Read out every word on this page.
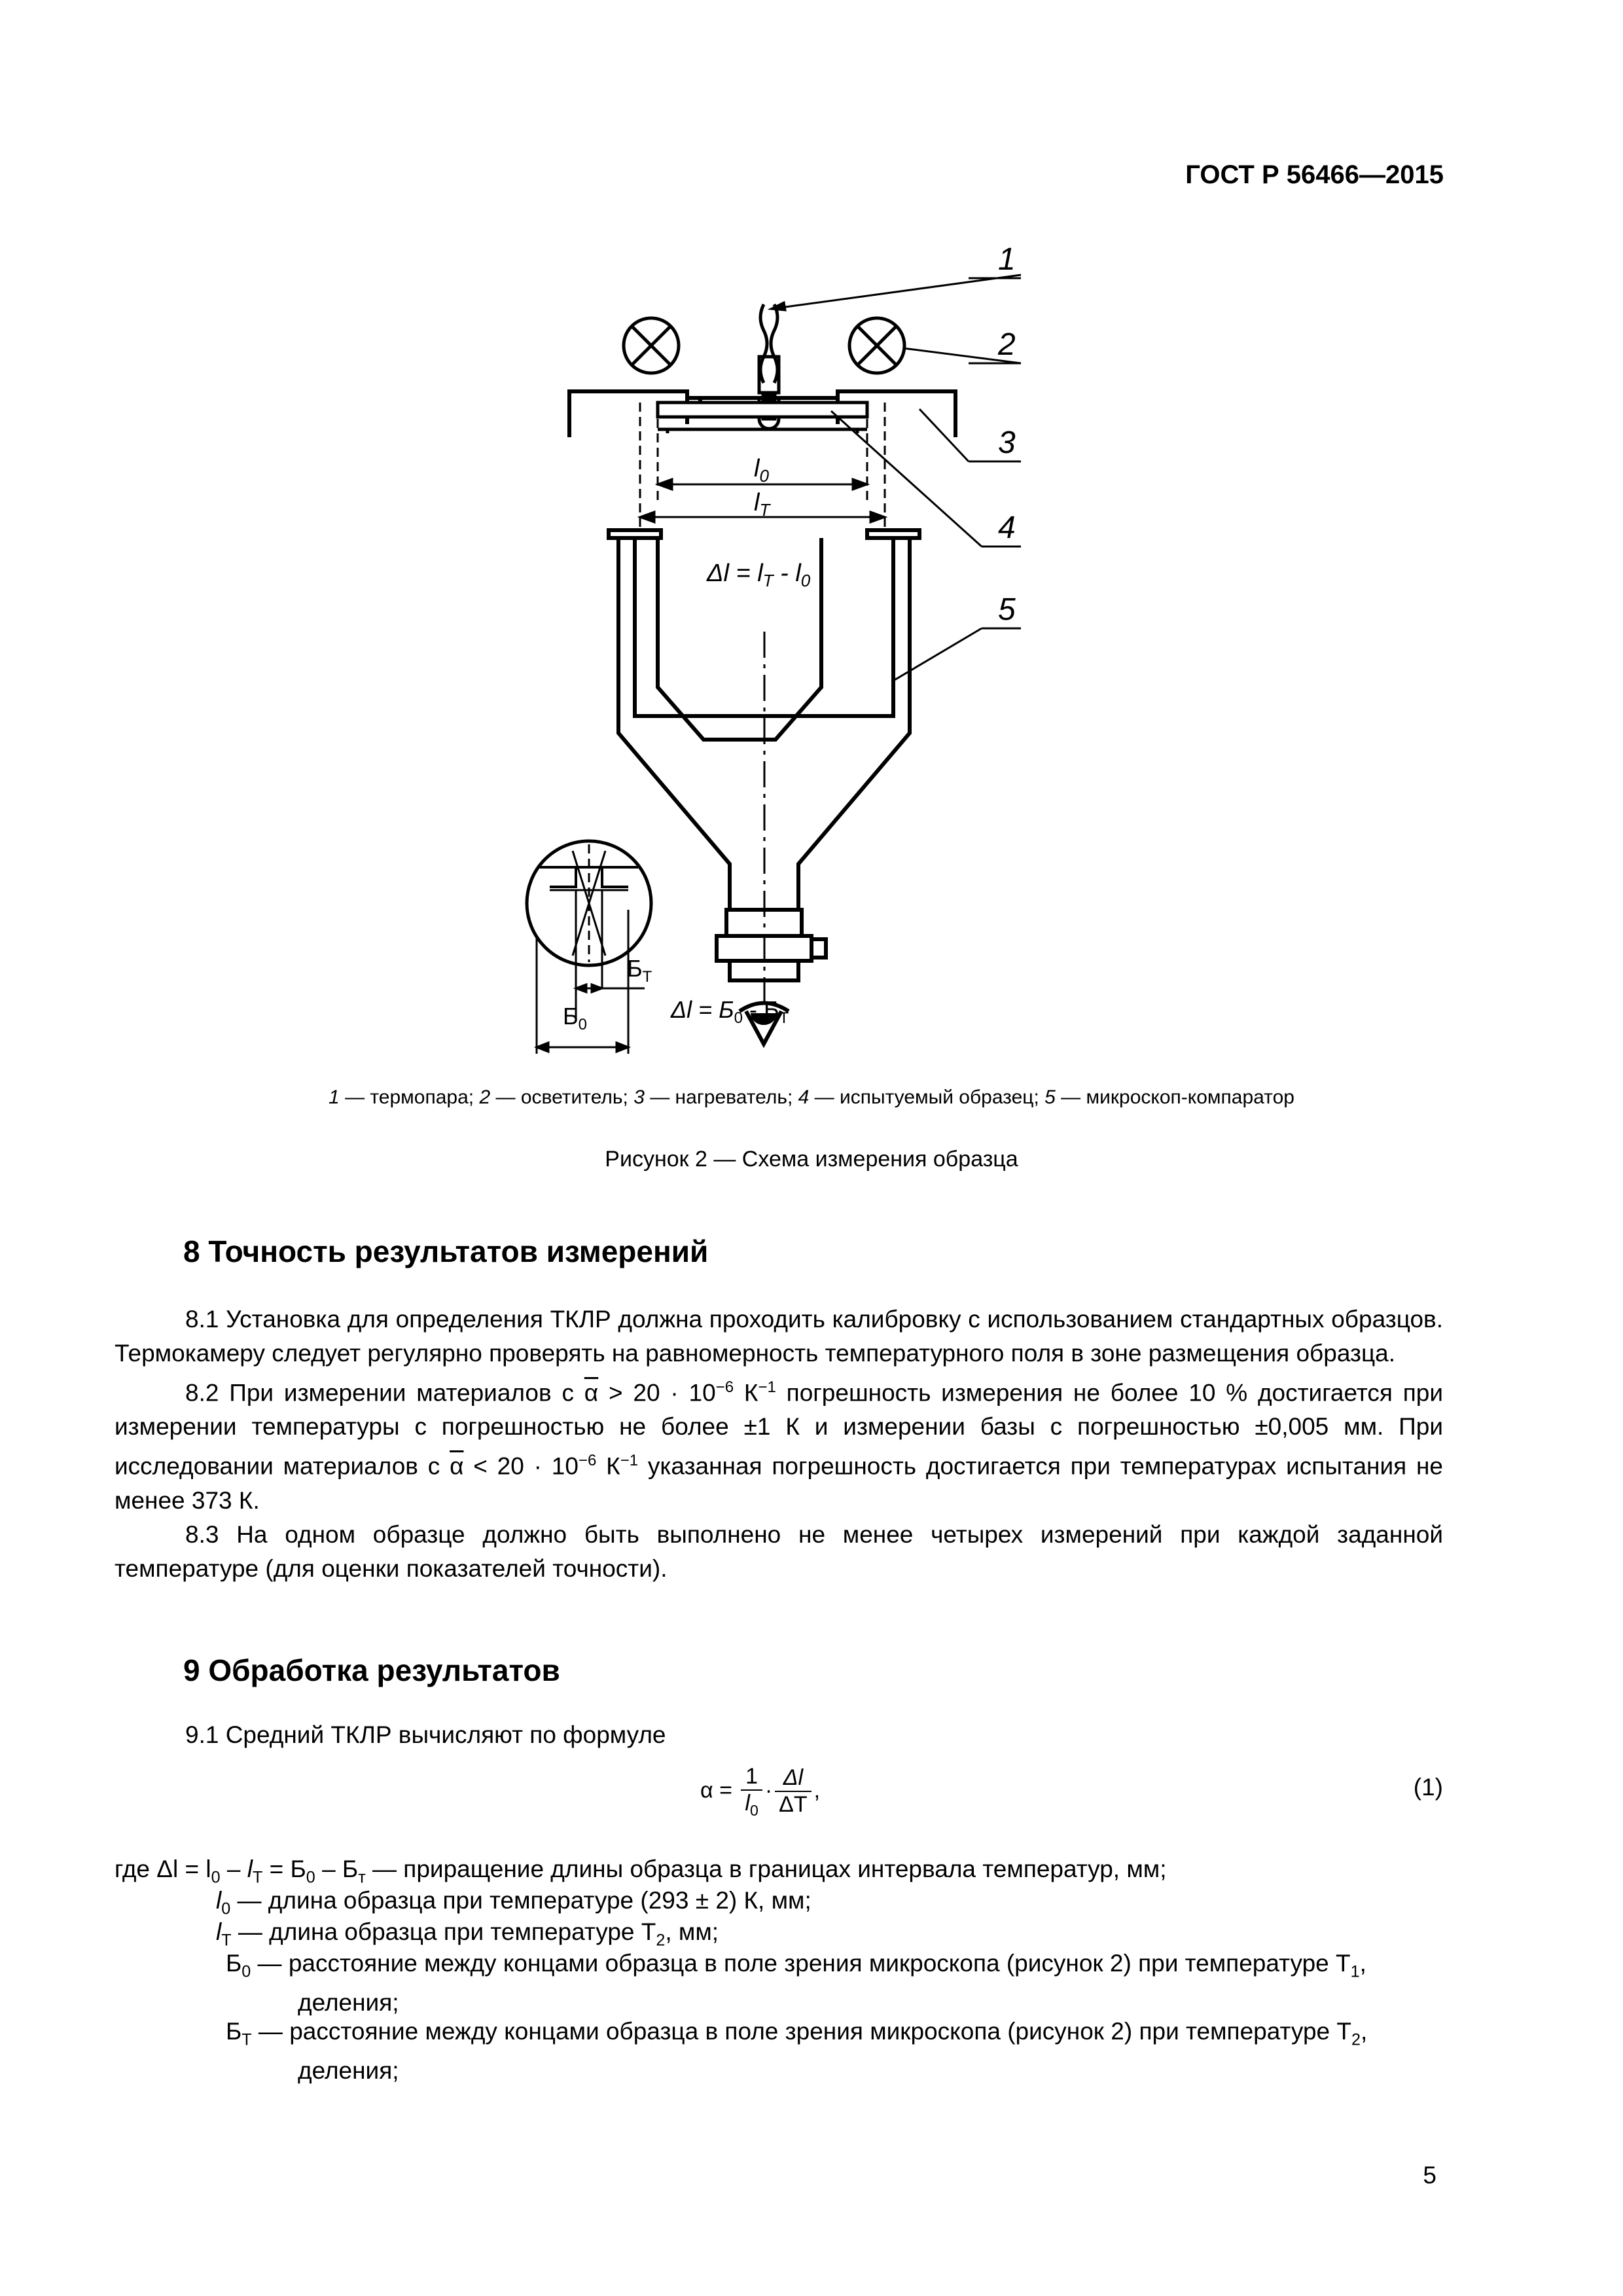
ГОСТ Р 56466—2015
$l_0$
$l_T$
$\Delta l = l_T - l_0$
$Б_Т$
$Б_0$
$\Delta l = Б_0 - Б_Т$
1
2
3
4
5
1 — термопара; 2 — осветитель; 3 — нагреватель; 4 — испытуемый образец; 5 — микроскоп-компаратор
Рисунок 2 — Схема измерения образца
8 Точность результатов измерений

8.1 Установка для определения ТКЛР должна проходить калибровку с использованием стандартных образцов. Термокамеру следует регулярно проверять на равномерность температурного поля в зоне размещения образца.

8.2 При измерении материалов с $\overline{\alpha} > 20 \cdot 10^{-6}$ $К^{-1}$ погрешность измерения не более 10 % достигается при измерении температуры с погрешностью не более ±1 К и измерении базы с погрешностью ±0,005 мм. При исследовании материалов с $\overline{\alpha} < 20 \cdot 10^{-6}$ $К^{-1}$ указанная погрешность достигается при температурах испытания не менее 373 К.

8.3 На одном образце должно быть выполнено не менее четырех измерений при каждой заданной температуре (для оценки показателей точности).

9 Обработка результатов

9.1 Средний ТКЛР вычисляют по формуле

$\alpha = \frac{1}{l_0} \cdot \frac{\Delta l}{\Delta T}$ ,	(1)
где $\Delta l = l_0 - l_Т = Б_0 - Б_т$ — приращение длины образца в границах интервала температур, мм;
$l_0$ — длина образца при температуре (293 ± 2) К, мм;
$l_Т$ — длина образца при температуре $Т_2$, мм;
$Б_0$ — расстояние между концами образца в поле зрения микроскопа (рисунок 2) при температуре $Т_1$, деления;
$Б_Т$ — расстояние между концами образца в поле зрения микроскопа (рисунок 2) при температуре $Т_2$, деления;
5
